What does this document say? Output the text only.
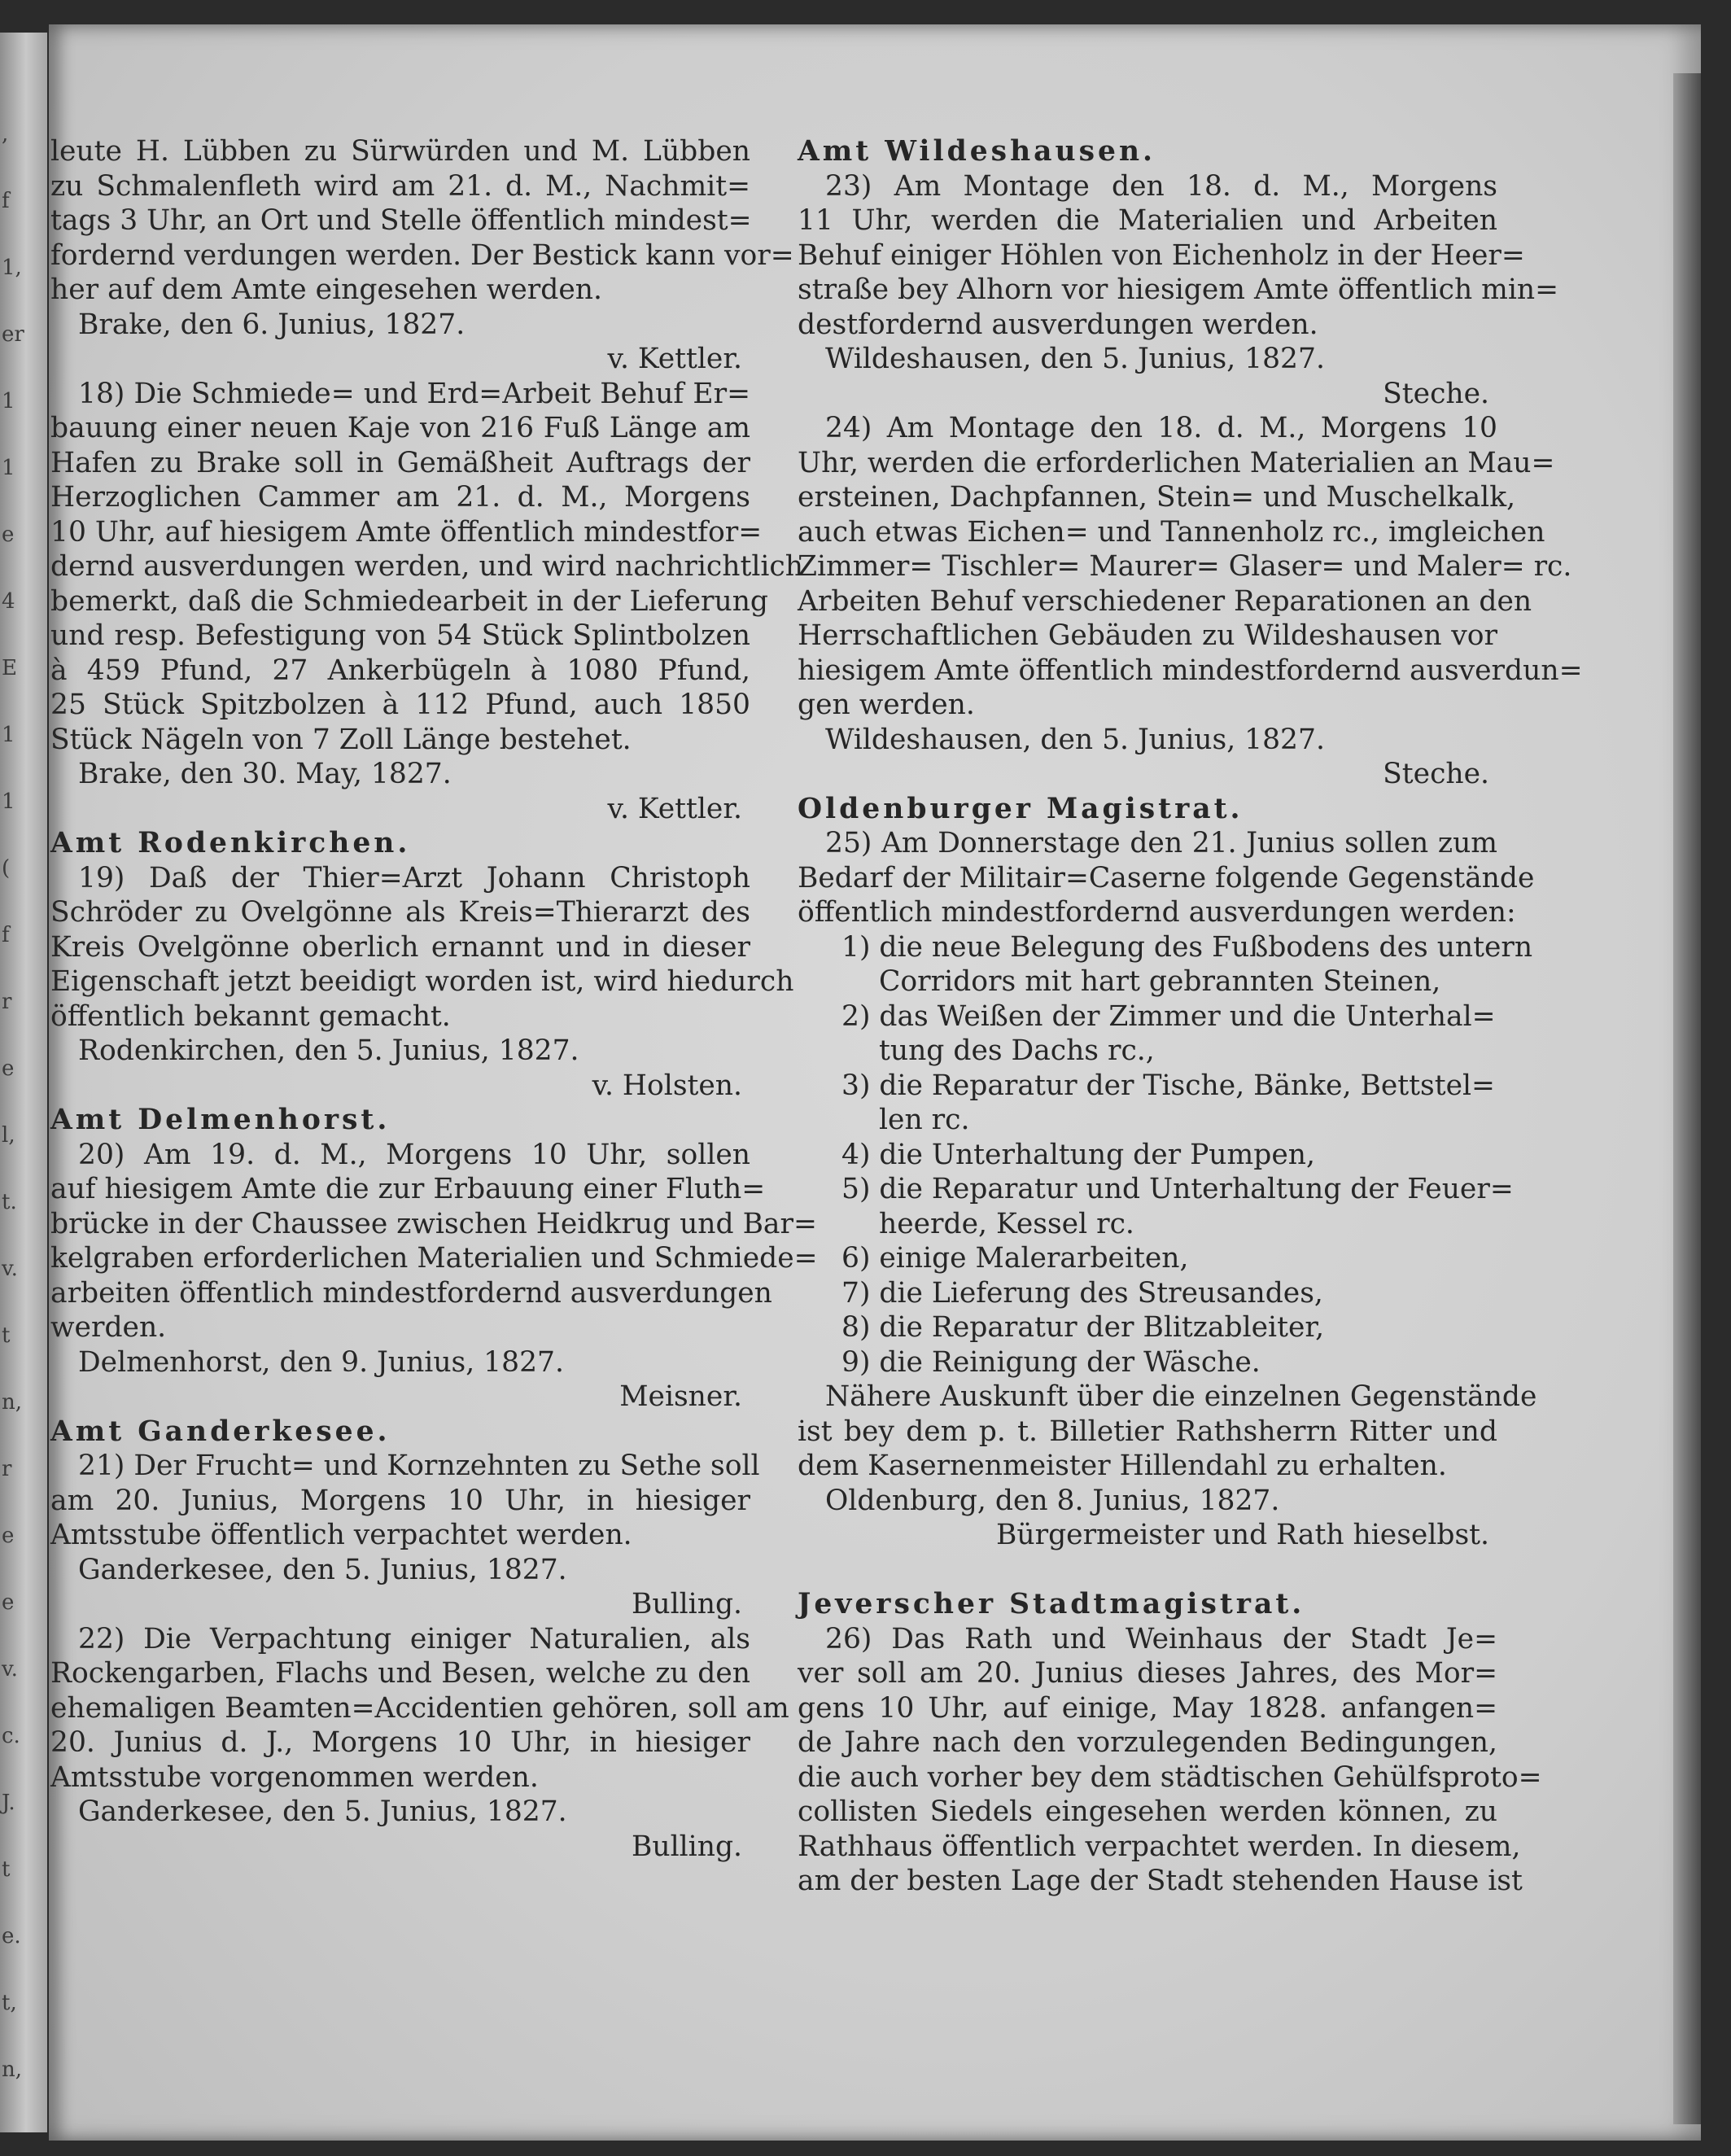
,
f
1,
er
1
1
e
4
E
1
1
(
f
r
e
l,
t.
v.
t
n,
r
e
e
v.
c.
J.
t
e.
t,
n,
leute H. Lübben zu Sürwürden und M. Lübben
zu Schmalenfleth wird am 21. d. M., Nachmit=
tags 3 Uhr, an Ort und Stelle öffentlich mindest=
fordernd verdungen werden. Der Bestick kann vor=
her auf dem Amte eingesehen werden.
Brake, den 6. Junius, 1827.
v. Kettler.
18) Die Schmiede= und Erd=Arbeit Behuf Er=
bauung einer neuen Kaje von 216 Fuß Länge am
Hafen zu Brake soll in Gemäßheit Auftrags der
Herzoglichen Cammer am 21. d. M., Morgens
10 Uhr, auf hiesigem Amte öffentlich mindestfor=
dernd ausverdungen werden, und wird nachrichtlich
bemerkt, daß die Schmiedearbeit in der Lieferung
und resp. Befestigung von 54 Stück Splintbolzen
à 459 Pfund, 27 Ankerbügeln à 1080 Pfund,
25 Stück Spitzbolzen à 112 Pfund, auch 1850
Stück Nägeln von 7 Zoll Länge bestehet.
Brake, den 30. May, 1827.
v. Kettler.
Amt Rodenkirchen.
19) Daß der Thier=Arzt Johann Christoph
Schröder zu Ovelgönne als Kreis=Thierarzt des
Kreis Ovelgönne oberlich ernannt und in dieser
Eigenschaft jetzt beeidigt worden ist, wird hiedurch
öffentlich bekannt gemacht.
Rodenkirchen, den 5. Junius, 1827.
v. Holsten.
Amt Delmenhorst.
20) Am 19. d. M., Morgens 10 Uhr, sollen
auf hiesigem Amte die zur Erbauung einer Fluth=
brücke in der Chaussee zwischen Heidkrug und Bar=
kelgraben erforderlichen Materialien und Schmiede=
arbeiten öffentlich mindestfordernd ausverdungen
werden.
Delmenhorst, den 9. Junius, 1827.
Meisner.
Amt Ganderkesee.
21) Der Frucht= und Kornzehnten zu Sethe soll
am 20. Junius, Morgens 10 Uhr, in hiesiger
Amtsstube öffentlich verpachtet werden.
Ganderkesee, den 5. Junius, 1827.
Bulling.
22) Die Verpachtung einiger Naturalien, als
Rockengarben, Flachs und Besen, welche zu den
ehemaligen Beamten=Accidentien gehören, soll am
20. Junius d. J., Morgens 10 Uhr, in hiesiger
Amtsstube vorgenommen werden.
Ganderkesee, den 5. Junius, 1827.
Bulling.
Amt Wildeshausen.
23) Am Montage den 18. d. M., Morgens
11 Uhr, werden die Materialien und Arbeiten
Behuf einiger Höhlen von Eichenholz in der Heer=
straße bey Alhorn vor hiesigem Amte öffentlich min=
destfordernd ausverdungen werden.
Wildeshausen, den 5. Junius, 1827.
Steche.
24) Am Montage den 18. d. M., Morgens 10
Uhr, werden die erforderlichen Materialien an Mau=
ersteinen, Dachpfannen, Stein= und Muschelkalk,
auch etwas Eichen= und Tannenholz rc., imgleichen
Zimmer= Tischler= Maurer= Glaser= und Maler= rc.
Arbeiten Behuf verschiedener Reparationen an den
Herrschaftlichen Gebäuden zu Wildeshausen vor
hiesigem Amte öffentlich mindestfordernd ausverdun=
gen werden.
Wildeshausen, den 5. Junius, 1827.
Steche.
Oldenburger Magistrat.
25) Am Donnerstage den 21. Junius sollen zum
Bedarf der Militair=Caserne folgende Gegenstände
öffentlich mindestfordernd ausverdungen werden:
1) die neue Belegung des Fußbodens des untern
Corridors mit hart gebrannten Steinen,
2) das Weißen der Zimmer und die Unterhal=
tung des Dachs rc.,
3) die Reparatur der Tische, Bänke, Bettstel=
len rc.
4) die Unterhaltung der Pumpen,
5) die Reparatur und Unterhaltung der Feuer=
heerde, Kessel rc.
6) einige Malerarbeiten,
7) die Lieferung des Streusandes,
8) die Reparatur der Blitzableiter,
9) die Reinigung der Wäsche.
Nähere Auskunft über die einzelnen Gegenstände
ist bey dem p. t. Billetier Rathsherrn Ritter und
dem Kasernenmeister Hillendahl zu erhalten.
Oldenburg, den 8. Junius, 1827.
Bürgermeister und Rath hieselbst.
Jeverscher Stadtmagistrat.
26) Das Rath und Weinhaus der Stadt Je=
ver soll am 20. Junius dieses Jahres, des Mor=
gens 10 Uhr, auf einige, May 1828. anfangen=
de Jahre nach den vorzulegenden Bedingungen,
die auch vorher bey dem städtischen Gehülfsproto=
collisten Siedels eingesehen werden können, zu
Rathhaus öffentlich verpachtet werden. In diesem,
am der besten Lage der Stadt stehenden Hause ist
